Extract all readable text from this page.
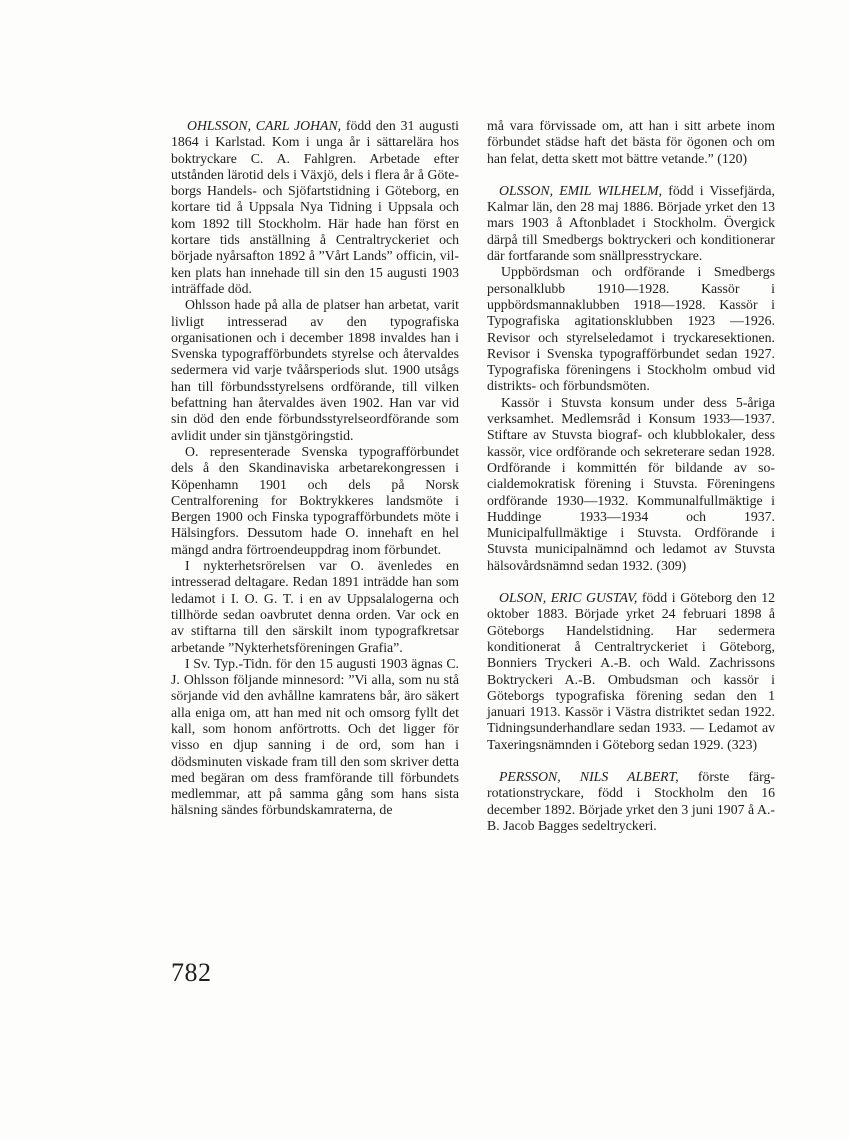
OHLSSON, CARL JOHAN, född den 31 augusti 1864 i Karlstad. Kom i unga år i sättarelära hos boktryckare C. A. Fahlgren. Arbetade efter utstånden lärotid dels i Växjö, dels i flera år å Göteborgs Handels- och Sjöfartstidning i Göteborg, en kortare tid å Uppsala Nya Tidning i Uppsala och kom 1892 till Stockholm. Här hade han först en kortare tids anställning å Centraltryckeriet och började nyårsafton 1892 å ”Vårt Lands” officin, vilken plats han innehade till sin den 15 augusti 1903 inträffade död.

Ohlsson hade på alla de platser han arbetat, varit livligt intresserad av den typografiska organisationen och i december 1898 invaldes han i Svenska typografförbundets styrelse och återvaldes sedermera vid varje tvåårsperiods slut. 1900 utsågs han till förbundsstyrelsens ordförande, till vilken befattning han återvaldes även 1902. Han var vid sin död den ende förbundsstyrelseordförande som avlidit under sin tjänstgöringstid.

O. representerade Svenska typografförbundet dels å den Skandinaviska arbetarekongressen i Köpenhamn 1901 och dels på Norsk Centralforening for Boktrykkeres landsmöte i Bergen 1900 och Finska typografförbundets möte i Hälsingfors. Dessutom hade O. innehaft en hel mängd andra förtroendeuppdrag inom förbundet.

I nykterhetsrörelsen var O. ävenledes en intresserad deltagare. Redan 1891 inträdde han som ledamot i I. O. G. T. i en av Uppsalalogerna och tillhörde sedan oavbrutet denna orden. Var ock en av stiftarna till den särskilt inom typografkretsar arbetande ”Nykterhetsföreningen Grafia”.

I Sv. Typ.-Tidn. för den 15 augusti 1903 ägnas C. J. Ohlsson följande minnesord: ”Vi alla, som nu stå sörjande vid den avhållne kamratens bår, äro säkert alla eniga om, att han med nit och omsorg fyllt det kall, som honom anförtrotts. Och det ligger för visso en djup sanning i de ord, som han i dödsminuten viskade fram till den som skriver detta med begäran om dess framförande till förbundets medlemmar, att på samma gång som hans sista hälsning sändes förbundskamraterna, de

må vara förvissade om, att han i sitt arbete inom förbundet städse haft det bästa för ögonen och om han felat, detta skett mot bättre vetande.” (120)

OLSSON, EMIL WILHELM, född i Vissefjärda, Kalmar län, den 28 maj 1886. Började yrket den 13 mars 1903 å Aftonbladet i Stockholm. Övergick därpå till Smedbergs boktryckeri och konditionerar där fortfarande som snällpresstryckare.

Uppbördsman och ordförande i Smedbergs personalklubb 1910—1928. Kassör i uppbördsmannaklubben 1918—1928. Kassör i Typografiska agitationsklubben 1923 —1926. Revisor och styrelseledamot i tryckaresektionen. Revisor i Svenska typografförbundet sedan 1927. Typografiska föreningens i Stockholm ombud vid distrikts- och förbundsmöten.

Kassör i Stuvsta konsum under dess 5-åriga verksamhet. Medlemsråd i Konsum 1933—1937. Stiftare av Stuvsta biograf- och klubblokaler, dess kassör, vice ordförande och sekreterare sedan 1928. Ordförande i kommittén för bildande av socialdemokratisk förening i Stuvsta. Föreningens ordförande 1930—1932. Kommunalfullmäktige i Huddinge 1933—1934 och 1937. Municipalfullmäktige i Stuvsta. Ordförande i Stuvsta municipalnämnd och ledamot av Stuvsta hälsovårdsnämnd sedan 1932. (309)

OLSON, ERIC GUSTAV, född i Göteborg den 12 oktober 1883. Började yrket 24 februari 1898 å Göteborgs Handelstidning. Har sedermera konditionerat å Centraltryckeriet i Göteborg, Bonniers Tryckeri A.-B. och Wald. Zachrissons Boktryckeri A.-B. Ombudsman och kassör i Göteborgs typografiska förening sedan den 1 januari 1913. Kassör i Västra distriktet sedan 1922. Tidningsunderhandlare sedan 1933. — Ledamot av Taxeringsnämnden i Göteborg sedan 1929. (323)

PERSSON, NILS ALBERT, förste färgrotationstryckare, född i Stockholm den 16 december 1892. Började yrket den 3 juni 1907 å A.-B. Jacob Bagges sedeltryckeri.

782
